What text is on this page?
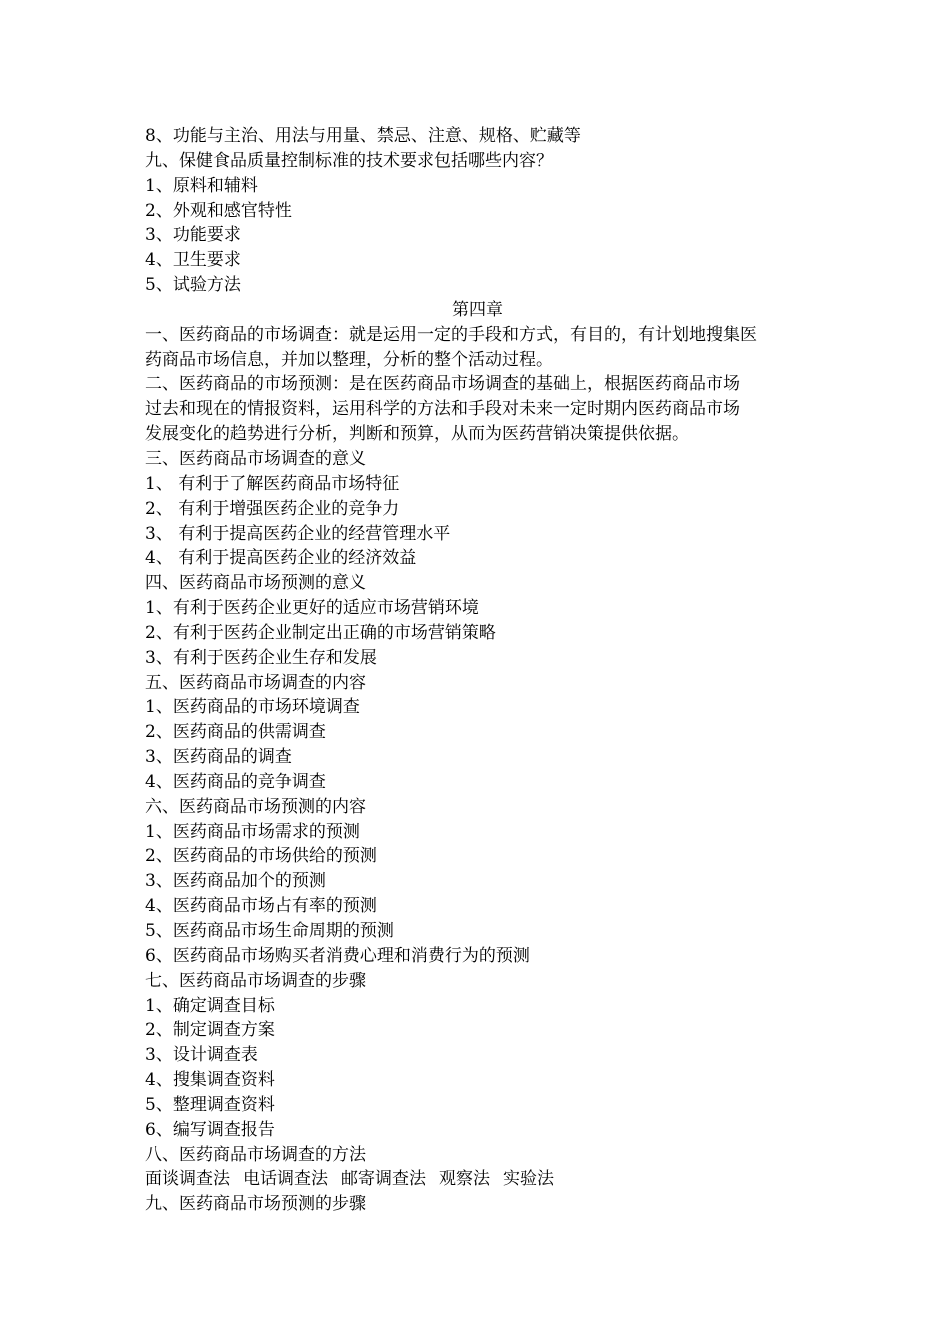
8、功能与主治、用法与用量、禁忌、注意、规格、贮藏等
九、保健食品质量控制标准的技术要求包括哪些内容？
1、原料和辅料
2、外观和感官特性
3、功能要求
4、卫生要求
5、试验方法
第四章
一、医药商品的市场调查：就是运用一定的手段和方式，有目的，有计划地搜集医
药商品市场信息，并加以整理，分析的整个活动过程。
二、医药商品的市场预测：是在医药商品市场调查的基础上，根据医药商品市场
过去和现在的情报资料，运用科学的方法和手段对未来一定时期内医药商品市场
发展变化的趋势进行分析，判断和预算，从而为医药营销决策提供依据。
三、医药商品市场调查的意义
1、 有利于了解医药商品市场特征
2、 有利于增强医药企业的竞争力
3、 有利于提高医药企业的经营管理水平
4、 有利于提高医药企业的经济效益
四、医药商品市场预测的意义
1、有利于医药企业更好的适应市场营销环境
2、有利于医药企业制定出正确的市场营销策略
3、有利于医药企业生存和发展
五、医药商品市场调查的内容
1、医药商品的市场环境调查
2、医药商品的供需调查
3、医药商品的调查
4、医药商品的竞争调查
六、医药商品市场预测的内容
1、医药商品市场需求的预测
2、医药商品的市场供给的预测
3、医药商品加个的预测
4、医药商品市场占有率的预测
5、医药商品市场生命周期的预测
6、医药商品市场购买者消费心理和消费行为的预测
七、医药商品市场调查的步骤
1、确定调查目标
2、制定调查方案
3、设计调查表
4、搜集调查资料
5、整理调查资料
6、编写调查报告
八、医药商品市场调查的方法
面谈调查法 电话调查法 邮寄调查法 观察法 实验法
九、医药商品市场预测的步骤
